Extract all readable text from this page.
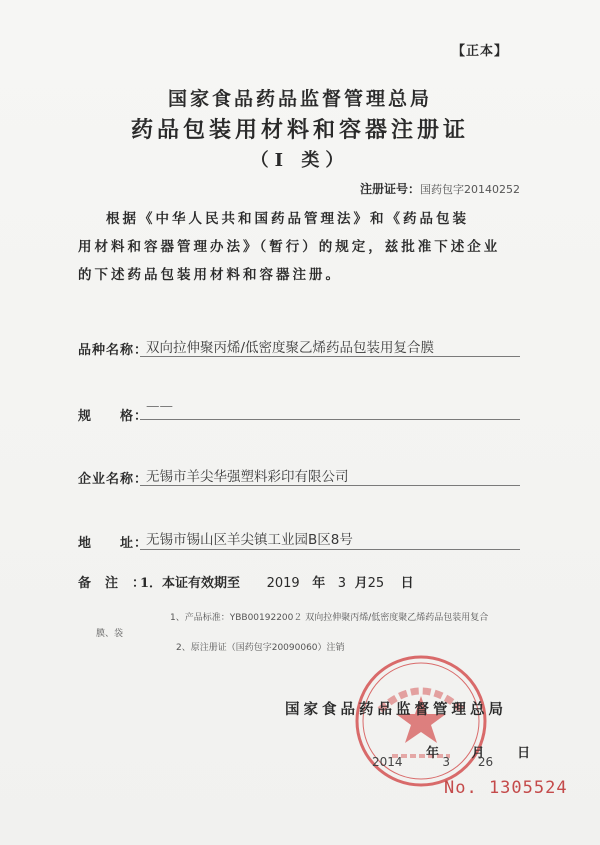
【正本】
国家食品药品监督管理总局
药品包装用材料和容器注册证
（I 类）
注册证号：国药包字20140252
根据《中华人民共和国药品管理法》和《药品包装
用材料和容器管理办法》（暂行）的规定，兹批准下述企业
的下述药品包装用材料和容器注册。
品种名称：
双向拉伸聚丙烯/低密度聚乙烯药品包装用复合膜
规　　格：
——
企业名称：
无锡市羊尖华强塑料彩印有限公司
地　　址：
无锡市锡山区羊尖镇工业园B区8号
备注：
1．本证有效期至 2019 年 3 月25 日
1、产品标准：YBB00192200２ 双向拉伸聚丙烯/低密度聚乙烯药品包装用复合
膜、袋
2、原注册证（国药包字20090060）注销
国家食品药品监督管理总局
年	月	日
2014	3 26
No. 1305524
